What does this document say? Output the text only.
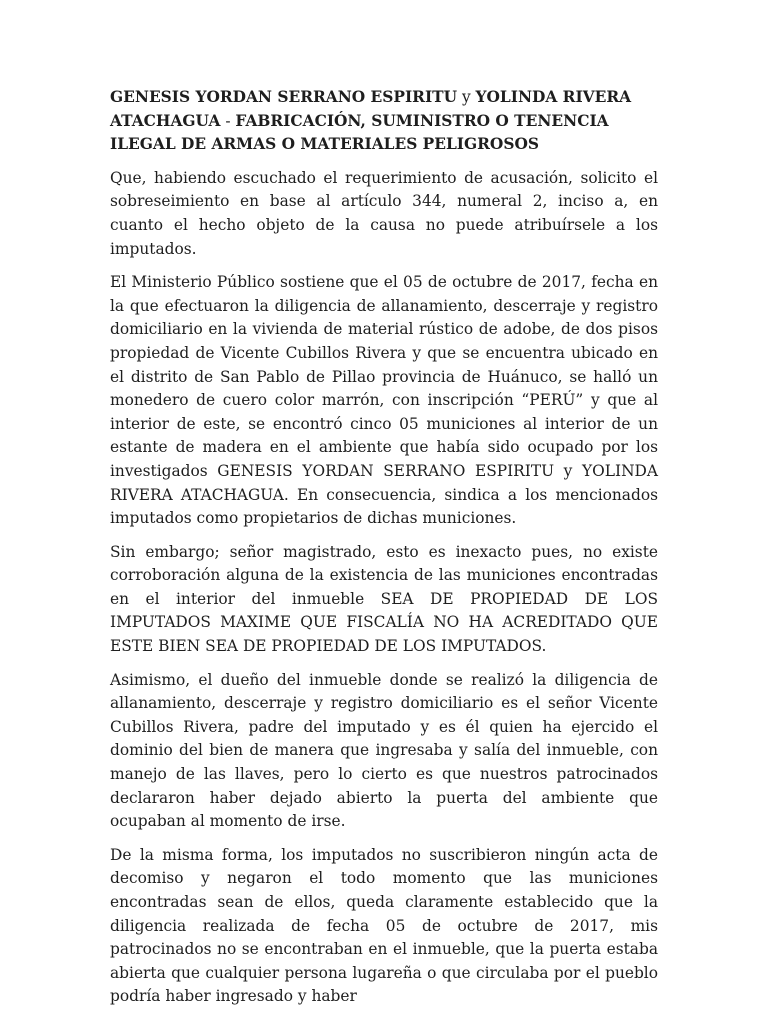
GENESIS YORDAN SERRANO ESPIRITU y YOLINDA RIVERA ATACHAGUA - FABRICACIÓN, SUMINISTRO O TENENCIA ILEGAL DE ARMAS O MATERIALES PELIGROSOS

Que, habiendo escuchado el requerimiento de acusación, solicito el sobreseimiento en base al artículo 344, numeral 2, inciso a, en cuanto el hecho objeto de la causa no puede atribuírsele a los imputados.

El Ministerio Público sostiene que el 05 de octubre de 2017, fecha en la que efectuaron la diligencia de allanamiento, descerraje y registro domiciliario en la vivienda de material rústico de adobe, de dos pisos propiedad de Vicente Cubillos Rivera y que se encuentra ubicado en el distrito de San Pablo de Pillao provincia de Huánuco, se halló un monedero de cuero color marrón, con inscripción “PERÚ” y que al interior de este, se encontró cinco 05 municiones al interior de un estante de madera en el ambiente que había sido ocupado por los investigados GENESIS YORDAN SERRANO ESPIRITU y YOLINDA RIVERA ATACHAGUA. En consecuencia, sindica a los mencionados imputados como propietarios de dichas municiones.

Sin embargo; señor magistrado, esto es inexacto pues, no existe corroboración alguna de la existencia de las municiones encontradas en el interior del inmueble SEA DE PROPIEDAD DE LOS IMPUTADOS MAXIME QUE FISCALÍA NO HA ACREDITADO QUE ESTE BIEN SEA DE PROPIEDAD DE LOS IMPUTADOS.

Asimismo, el dueño del inmueble donde se realizó la diligencia de allanamiento, descerraje y registro domiciliario es el señor Vicente Cubillos Rivera, padre del imputado y es él quien ha ejercido el dominio del bien de manera que ingresaba y salía del inmueble, con manejo de las llaves, pero lo cierto es que nuestros patrocinados declararon haber dejado abierto la puerta del ambiente que ocupaban al momento de irse.

De la misma forma, los imputados no suscribieron ningún acta de decomiso y negaron el todo momento que las municiones encontradas sean de ellos, queda claramente establecido que la diligencia realizada de fecha 05 de octubre de 2017, mis patrocinados no se encontraban en el inmueble, que la puerta estaba abierta que cualquier persona lugareña o que circulaba por el pueblo podría haber ingresado y haber
